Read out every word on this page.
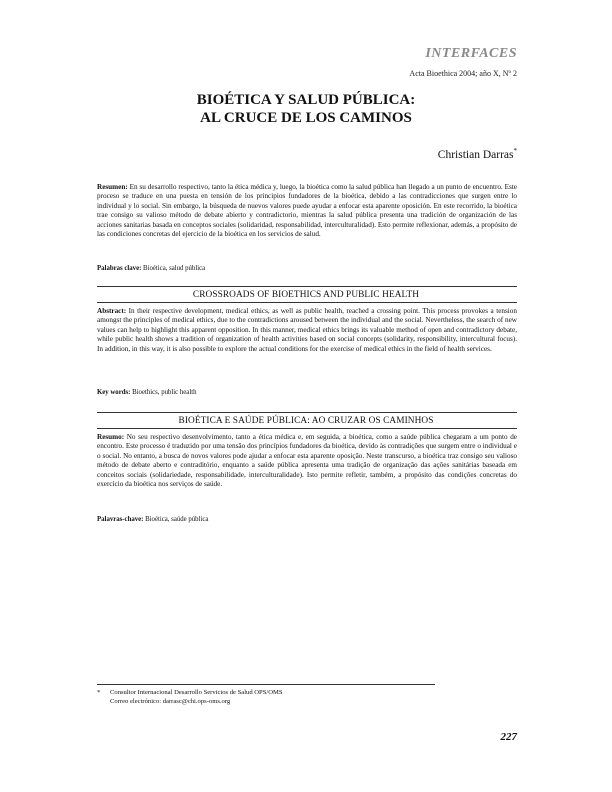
INTERFACES
Acta Bioethica 2004; año X, Nº 2
BIOÉTICA Y SALUD PÚBLICA:
AL CRUCE DE LOS CAMINOS
Christian Darras*
Resumen: En su desarrollo respectivo, tanto la ética médica y, luego, la bioética como la salud pública han llegado a un punto de encuentro. Este proceso se traduce en una puesta en tensión de los principios fundadores de la bioética, debido a las contradicciones que surgen entre lo individual y lo social. Sin embargo, la búsqueda de nuevos valores puede ayudar a enfocar esta aparente oposición. En este recorrido, la bioética trae consigo su valioso método de debate abierto y contradictorio, mientras la salud pública presenta una tradición de organización de las acciones sanitarias basada en conceptos sociales (solidaridad, responsabilidad, interculturalidad). Esto permite reflexionar, además, a propósito de las condiciones concretas del ejercicio de la bioética en los servicios de salud.
Palabras clave: Bioética, salud pública
CROSSROADS OF BIOETHICS AND PUBLIC HEALTH
Abstract: In their respective development, medical ethics, as well as public health, reached a crossing point. This process provokes a tension amongst the principles of medical ethics, due to the contradictions aroused between the individual and the social. Nevertheless, the search of new values can help to highlight this apparent opposition. In this manner, medical ethics brings its valuable method of open and contradictory debate, while public health shows a tradition of organization of health activities based on social concepts (solidarity, responsibility, intercultural focus). In addition, in this way, it is also possible to explore the actual conditions for the exercise of medical ethics in the field of health services.
Key words: Bioethics, public health
BIOÉTICA E SAÚDE PÚBLICA: AO CRUZAR OS CAMINHOS
Resumo: No seu respectivo desenvolvimento, tanto a ética médica e, em seguida, a bioética, como a saúde pública chegaram a um ponto de encontro. Este processo é traduzido por uma tensão dos princípios fundadores da bioética, devido às contradições que surgem entre o individual e o social. No entanto, a busca de novos valores pode ajudar a enfocar esta aparente oposição. Neste transcurso, a bioética traz consigo seu valioso método de debate aberto e contraditório, enquanto a saúde pública apresenta uma tradição de organização das ações sanitárias baseada em conceitos sociais (solidariedade, responsabilidade, interculturalidade). Isto permite refletir, também, a propósito das condições concretas do exercício da bioética nos serviços de saúde.
Palavras-chave: Bioética, saúde pública
* Consultor Internacional Desarrollo Servicios de Salud OPS/OMS
Correo electrónico: darrasc@chi.ops-oms.org
227
